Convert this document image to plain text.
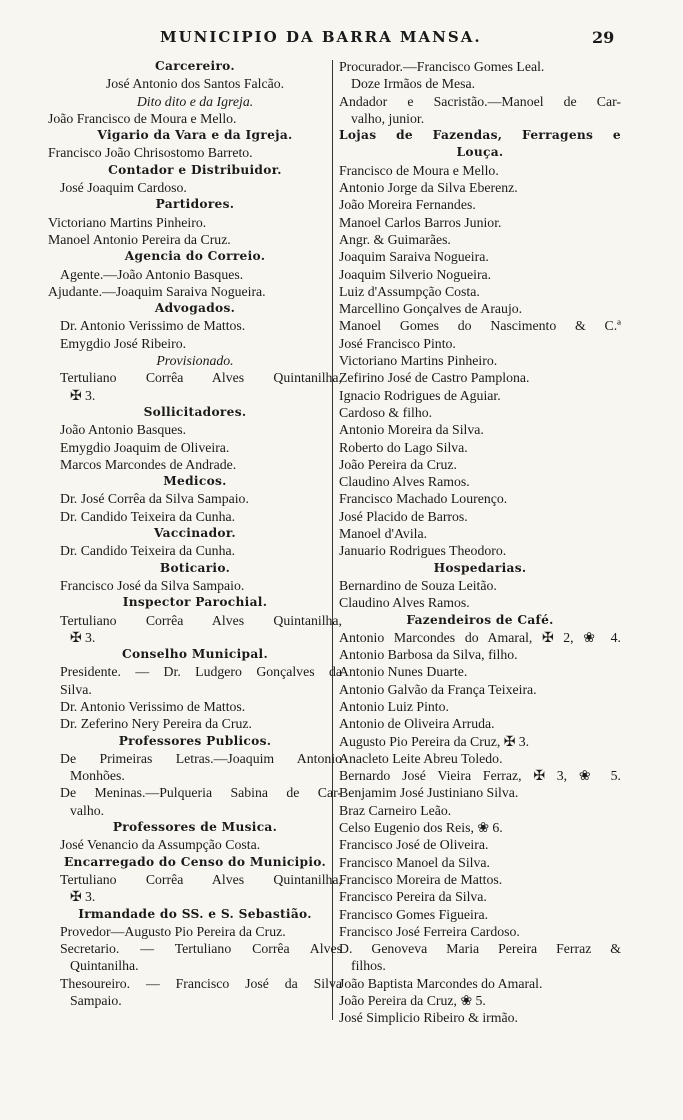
MUNICIPIO DA BARRA MANSA.	29
Carcereiro.
José Antonio dos Santos Falcão.
Dito dito e da Igreja.
João Francisco de Moura e Mello.
Vigario da Vara e da Igreja.
Francisco João Chrisostomo Barreto.
Contador e Distribuidor.
José Joaquim Cardoso.
Partidores.
Victoriano Martins Pinheiro.
Manoel Antonio Pereira da Cruz.
Agencia do Correio.
Agente.—João Antonio Basques.
Ajudante.—Joaquim Saraiva Nogueira.
Advogados.
Dr. Antonio Verissimo de Mattos.
Emygdio José Ribeiro.
Provisionado.
Tertuliano Corrêa Alves Quintanilha,
✠ 3.
Sollicitadores.
João Antonio Basques.
Emygdio Joaquim de Oliveira.
Marcos Marcondes de Andrade.
Medicos.
Dr. José Corrêa da Silva Sampaio.
Dr. Candido Teixeira da Cunha.
Vaccinador.
Dr. Candido Teixeira da Cunha.
Boticario.
Francisco José da Silva Sampaio.
Inspector Parochial.
Tertuliano Corrêa Alves Quintanilha,
✠ 3.
Conselho Municipal.
Presidente. — Dr. Ludgero Gonçalves da
Silva.
Dr. Antonio Verissimo de Mattos.
Dr. Zeferino Nery Pereira da Cruz.
Professores Publicos.
De Primeiras Letras.—Joaquim Antonio
Monhões.
De Meninas.—Pulqueria Sabina de Car-
valho.
Professores de Musica.
José Venancio da Assumpção Costa.
Encarregado do Censo do Municipio.
Tertuliano Corrêa Alves Quintanilha,
✠ 3.
Irmandade do SS. e S. Sebastião.
Provedor—Augusto Pio Pereira da Cruz.
Secretario. — Tertuliano Corrêa Alves
Quintanilha.
Thesoureiro. — Francisco José da Silva
Sampaio.
Procurador.—Francisco Gomes Leal.
Doze Irmãos de Mesa.
Andador e Sacristão.—Manoel de Car-
valho, junior.
Lojas de Fazendas, Ferragens e
Louça.
Francisco de Moura e Mello.
Antonio Jorge da Silva Eberenz.
João Moreira Fernandes.
Manoel Carlos Barros Junior.
Angr. & Guimarães.
Joaquim Saraiva Nogueira.
Joaquim Silverio Nogueira.
Luiz d'Assumpção Costa.
Marcellino Gonçalves de Araujo.
Manoel Gomes do Nascimento & C.ª
José Francisco Pinto.
Victoriano Martins Pinheiro.
Zefirino José de Castro Pamplona.
Ignacio Rodrigues de Aguiar.
Cardoso & filho.
Antonio Moreira da Silva.
Roberto do Lago Silva.
João Pereira da Cruz.
Claudino Alves Ramos.
Francisco Machado Lourenço.
José Placido de Barros.
Manoel d'Avila.
Januario Rodrigues Theodoro.
Hospedarias.
Bernardino de Souza Leitão.
Claudino Alves Ramos.
Fazendeiros de Café.
Antonio Marcondes do Amaral, ✠ 2, ❀ 4.
Antonio Barbosa da Silva, filho.
Antonio Nunes Duarte.
Antonio Galvão da França Teixeira.
Antonio Luiz Pinto.
Antonio de Oliveira Arruda.
Augusto Pio Pereira da Cruz, ✠ 3.
Anacleto Leite Abreu Toledo.
Bernardo José Vieira Ferraz, ✠ 3, ❀ 5.
Benjamim José Justiniano Silva.
Braz Carneiro Leão.
Celso Eugenio dos Reis, ❀ 6.
Francisco José de Oliveira.
Francisco Manoel da Silva.
Francisco Moreira de Mattos.
Francisco Pereira da Silva.
Francisco Gomes Figueira.
Francisco José Ferreira Cardoso.
D. Genoveva Maria Pereira Ferraz &
filhos.
João Baptista Marcondes do Amaral.
João Pereira da Cruz, ❀ 5.
José Simplicio Ribeiro & irmão.
